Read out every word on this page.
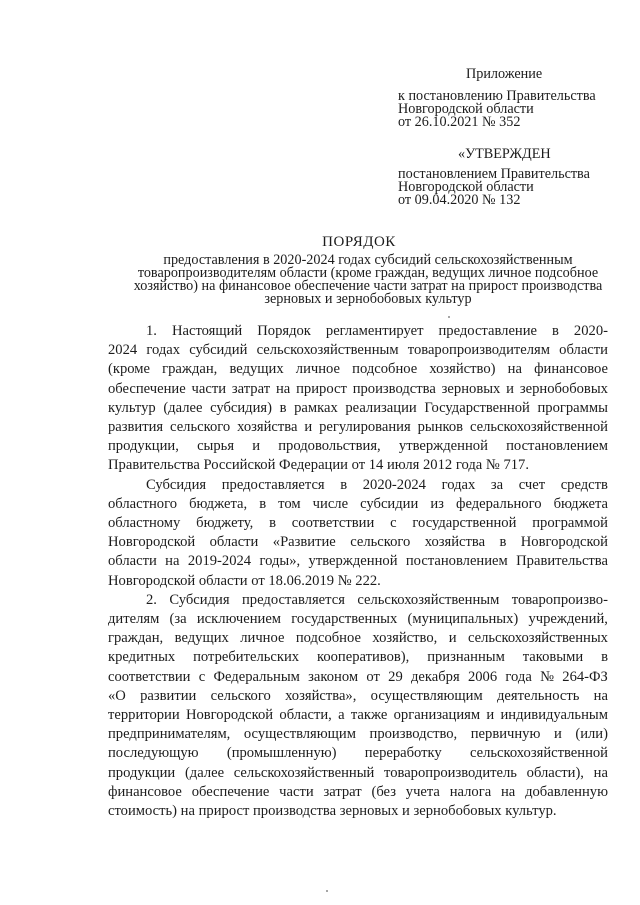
Приложение
к постановлению Правительства
Новгородской области
от 26.10.2021 № 352
«УТВЕРЖДЕН
постановлением Правительства
Новгородской области
от 09.04.2020 № 132
ПОРЯДОК
предоставления в 2020-2024 годах субсидий сельскохозяйственным
товаропроизводителям области (кроме граждан, ведущих личное подсобное
хозяйство) на финансовое обеспечение части затрат на прирост производства
зерновых и зернобобовых культур

1. Настоящий Порядок регламентирует предоставление в 2020-
2024 годах субсидий сельскохозяйственным товаропроизводителям области
(кроме граждан, ведущих личное подсобное хозяйство) на финансовое
обеспечение части затрат на прирост производства зерновых и зернобобовых
культур (далее субсидия) в рамках реализации Государственной программы
развития сельского хозяйства и регулирования рынков сельскохозяйственной
продукции, сырья и продовольствия, утвержденной постановлением
Правительства Российской Федерации от 14 июля 2012 года № 717.

Субсидия предоставляется в 2020-2024 годах за счет средств
областного бюджета, в том числе субсидии из федерального бюджета
областному бюджету, в соответствии с государственной программой
Новгородской области «Развитие сельского хозяйства в Новгородской
области на 2019-2024 годы», утвержденной постановлением Правительства
Новгородской области от 18.06.2019 № 222.

2. Субсидия предоставляется сельскохозяйственным товаропроизво-
дителям (за исключением государственных (муниципальных) учреждений,
граждан, ведущих личное подсобное хозяйство, и сельскохозяйственных
кредитных потребительских кооперативов), признанным таковыми в
соответствии с Федеральным законом от 29 декабря 2006 года № 264-ФЗ
«О развитии сельского хозяйства», осуществляющим деятельность на
территории Новгородской области, а также организациям и индивидуальным
предпринимателям, осуществляющим производство, первичную и (или)
последующую (промышленную) переработку сельскохозяйственной
продукции (далее сельскохозяйственный товаропроизводитель области), на
финансовое обеспечение части затрат (без учета налога на добавленную
стоимость) на прирост производства зерновых и зернобобовых культур.
